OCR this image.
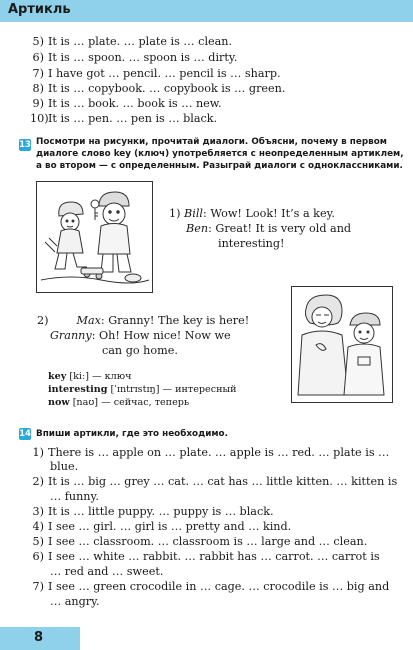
Артикль
5) It is … plate. … plate is … clean.
6) It is … spoon. … spoon is … dirty.
7) I have got … pencil. … pencil is … sharp.
8) It is … copybook. … copybook is … green.
9) It is … book. … book is … new.
10)It is … pen. … pen is … black.
13 Посмотри на рисунки, прочитай диалоги. Объясни, почему в первом
диалоге слово key (ключ) употребляется с неопределенным артиклем,
а во втором — с определенным. Разыграй диалоги с одноклассниками.
1) Bill: Wow! Look! It’s a key.
Ben: Great! It is very old and
interesting!
2)	Max: Granny! The key is here!
Granny: Oh! How nice! Now we
can go home.
key [kiː] — ключ
interesting [ˈɪntrɪstɪŋ] — интересный
now [naʊ] — сейчас, теперь
14 Впиши артикли, где это необходимо.
1) There is … apple on … plate. … apple is … red. … plate is …
blue.
2) It is … big … grey … cat. … cat has … little kitten. … kitten is
… funny.
3) It is … little puppy. … puppy is … black.
4) I see … girl. … girl is … pretty and … kind.
5) I see … classroom. … classroom is … large and … clean.
6) I see … white … rabbit. … rabbit has … carrot. … carrot is
… red and … sweet.
7) I see … green crocodile in … cage. … crocodile is … big and
… angry.
8
